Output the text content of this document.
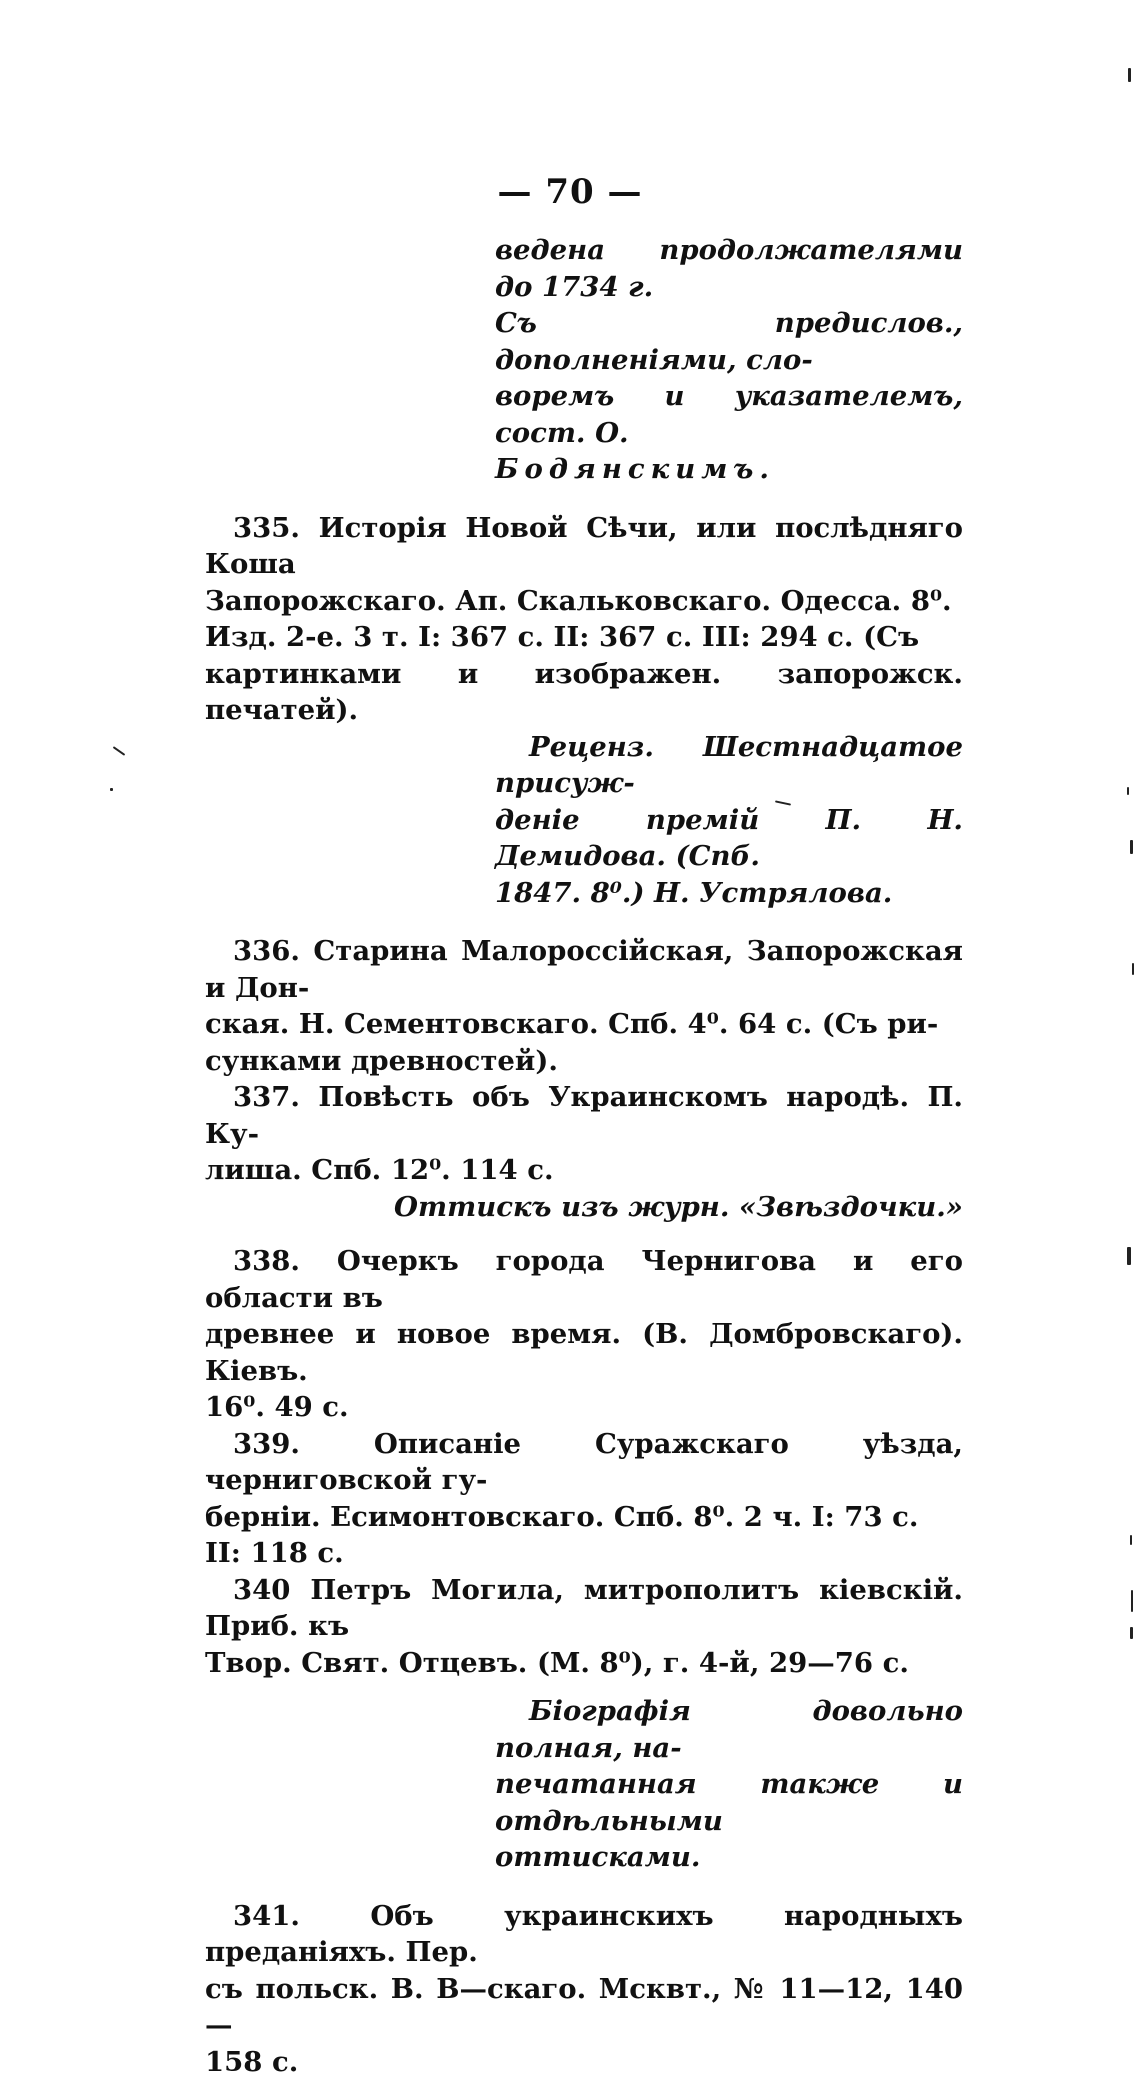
— 70 —
ведена продолжателями до 1734 г.
Съ предислов., дополненіями, сло-
воремъ и указателемъ, сост. О.
Бодянскимъ.
335. Исторія Новой Сѣчи, или послѣдняго Коша
Запорожскаго. Ап. Скальковскаго. Одесса. 8⁰.
Изд. 2-е. 3 т. I: 367 с. II: 367 с. III: 294 с. (Съ
картинками и изображен. запорожск. печатей).
Реценз. Шестнадцатое присуж-
деніе премій П. Н. Демидова. (Спб.
1847. 8⁰.) Н. Устрялова.
336. Старина Малороссійская, Запорожская и Дон-
ская. Н. Сементовскаго. Спб. 4⁰. 64 с. (Съ ри-
сунками древностей).
337. Повѣсть объ Украинскомъ народѣ. П. Ку-
лиша. Спб. 12⁰. 114 с.
Оттискъ изъ журн. «Звѣздочки.»
338. Очеркъ города Чернигова и его области въ
древнее и новое время. (В. Домбровскаго). Кіевъ.
16⁰. 49 с.
339. Описаніе Суражскаго уѣзда, черниговской гу-
берніи. Есимонтовскаго. Спб. 8⁰. 2 ч. I: 73 с.
II: 118 с.
340 Петръ Могила, митрополитъ кіевскій. Приб. къ
Твор. Свят. Отцевъ. (М. 8⁰), г. 4-й, 29—76 с.
Біографія довольно полная, на-
печатанная также и отдѣльными
оттисками.
341. Объ украинскихъ народныхъ преданіяхъ. Пер.
съ польск. В. В—скаго. Мсквт., № 11—12, 140—
158 с.
